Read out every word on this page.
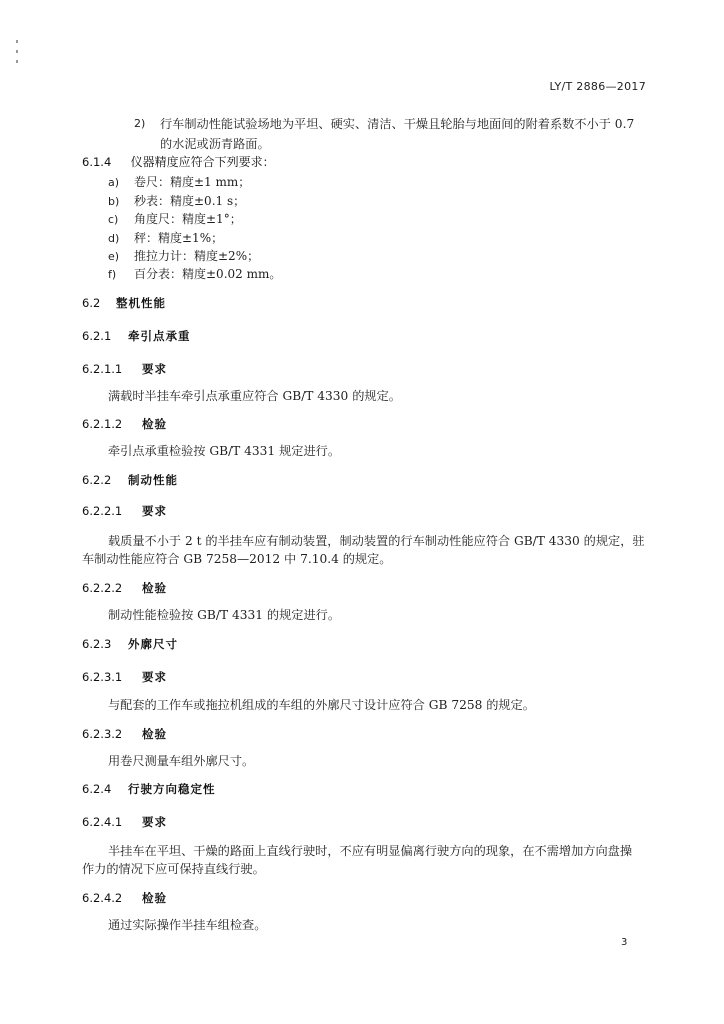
LY/T 2886—2017
2) 行车制动性能试验场地为平坦、硬实、清洁、干燥且轮胎与地面间的附着系数不小于 0.7
的水泥或沥青路面。
6.1.4 仪器精度应符合下列要求：
a) 卷尺：精度±1 mm；
b) 秒表：精度±0.1 s；
c) 角度尺：精度±1°；
d) 秤：精度±1%；
e) 推拉力计：精度±2%；
f) 百分表：精度±0.02 mm。
6.2 整机性能
6.2.1 牵引点承重
6.2.1.1 要求
满载时半挂车牵引点承重应符合 GB/T 4330 的规定。
6.2.1.2 检验
牵引点承重检验按 GB/T 4331 规定进行。
6.2.2 制动性能
6.2.2.1 要求
载质量不小于 2 t 的半挂车应有制动装置，制动装置的行车制动性能应符合 GB/T 4330 的规定，驻
车制动性能应符合 GB 7258—2012 中 7.10.4 的规定。
6.2.2.2 检验
制动性能检验按 GB/T 4331 的规定进行。
6.2.3 外廓尺寸
6.2.3.1 要求
与配套的工作车或拖拉机组成的车组的外廓尺寸设计应符合 GB 7258 的规定。
6.2.3.2 检验
用卷尺测量车组外廓尺寸。
6.2.4 行驶方向稳定性
6.2.4.1 要求
半挂车在平坦、干燥的路面上直线行驶时，不应有明显偏离行驶方向的现象，在不需增加方向盘操
作力的情况下应可保持直线行驶。
6.2.4.2 检验
通过实际操作半挂车组检查。
3
